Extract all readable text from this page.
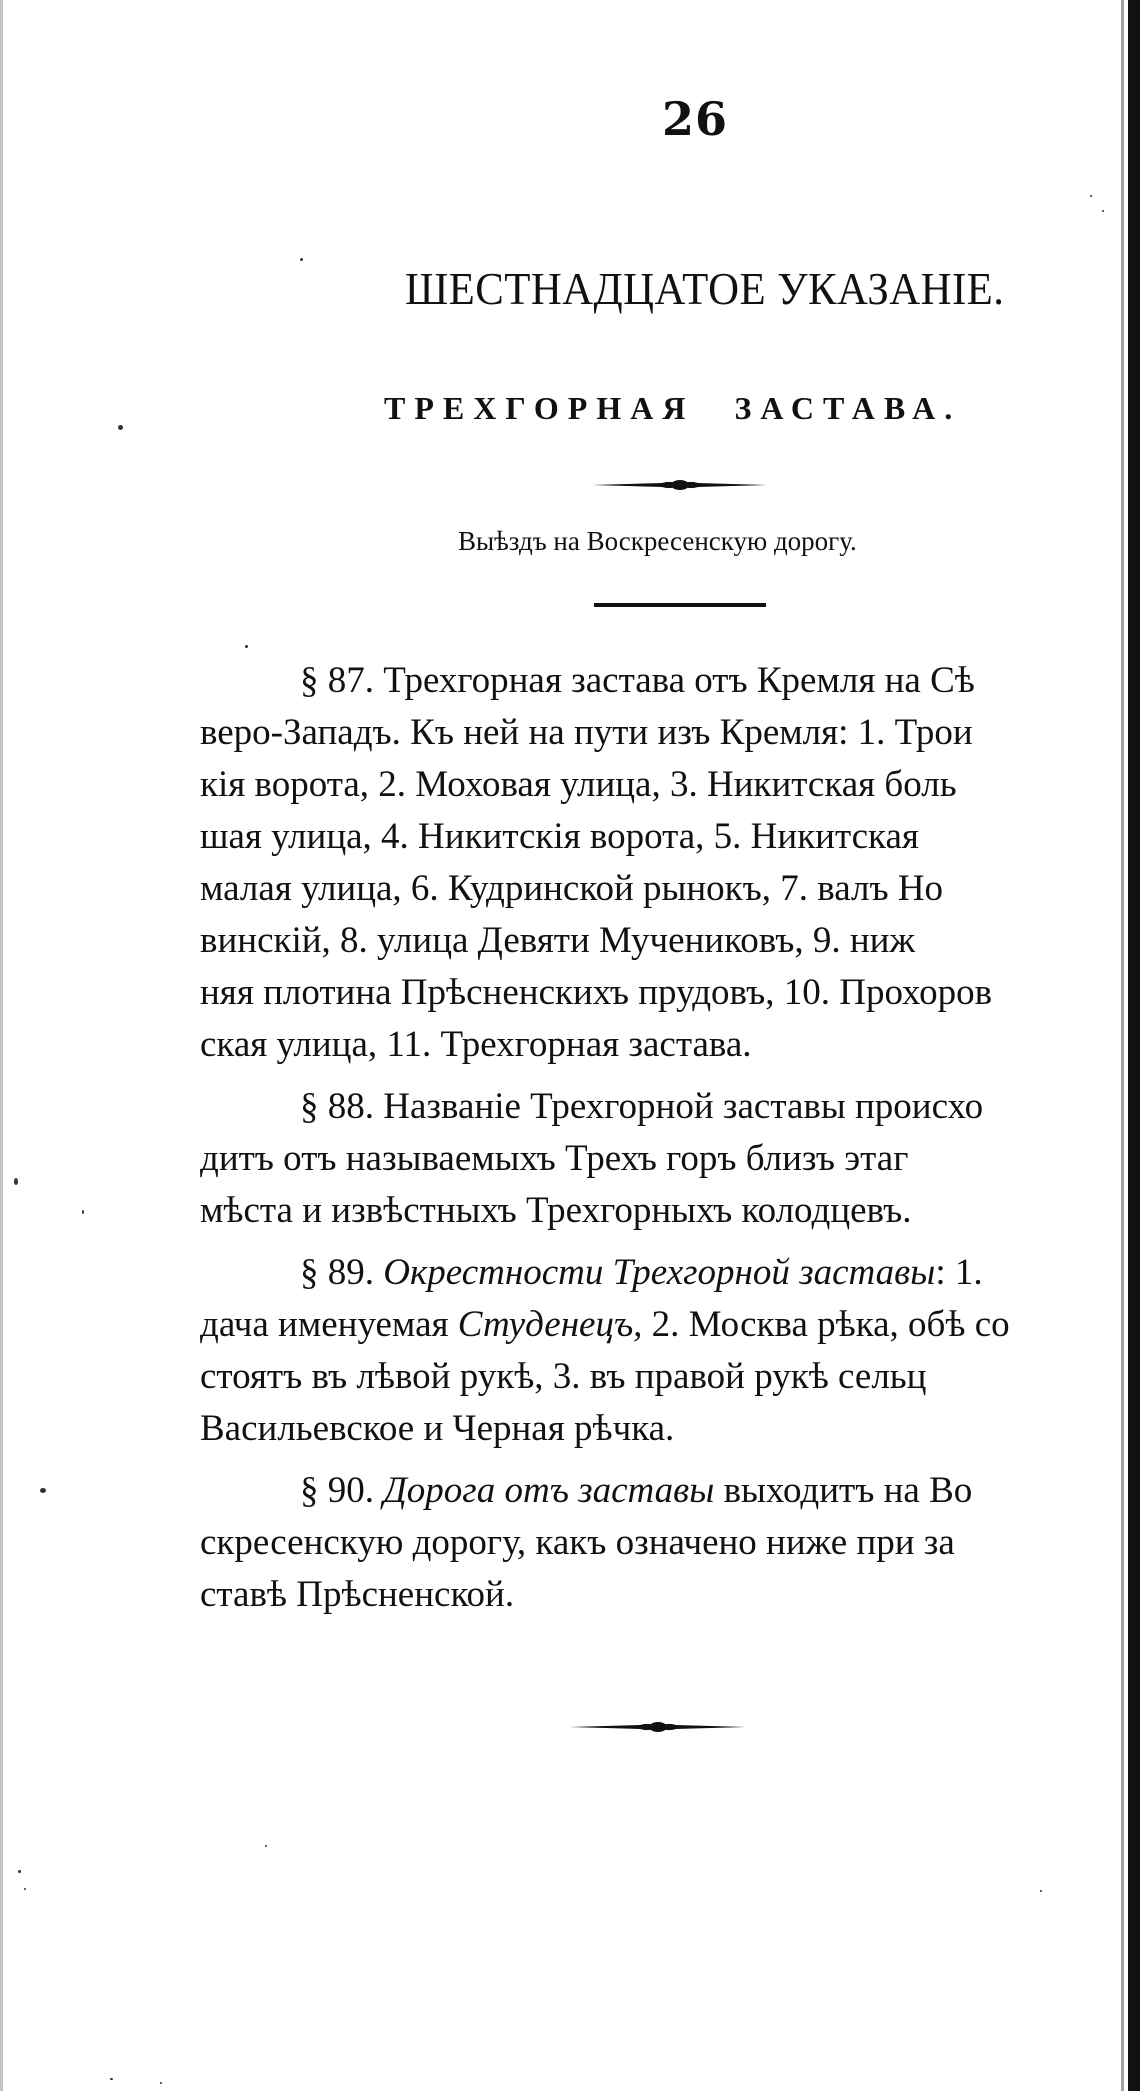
26
ШЕСТНАДЦАТОЕ УКАЗАНІЕ.
ТРЕХГОРНАЯ ЗАСТАВА.
Выѣздъ на Воскресенскую дорогу.
§ 87. Трехгорная застава отъ Кремля на Сѣ
веро-Западъ. Къ ней на пути изъ Кремля: 1. Трои
кія ворота, 2. Моховая улица, 3. Никитская боль
шая улица, 4. Никитскія ворота, 5. Никитская
малая улица, 6. Кудринской рынокъ, 7. валъ Но
винскій, 8. улица Девяти Мучениковъ, 9. ниж
няя плотина Прѣсненскихъ прудовъ, 10. Прохоров
ская улица, 11. Трехгорная застава.
§ 88. Названіе Трехгорной заставы происхо
дитъ отъ называемыхъ Трехъ горъ близъ этаг
мѣста и извѣстныхъ Трехгорныхъ колодцевъ.
§ 89. Окрестности Трехгорной заставы: 1.
дача именуемая Студенецъ, 2. Москва рѣка, обѣ со
стоятъ въ лѣвой рукѣ, 3. въ правой рукѣ сельц
Васильевское и Черная рѣчка.
§ 90. Дорога отъ заставы выходитъ на Во
скресенскую дорогу, какъ означено ниже при за
ставѣ Прѣсненской.
